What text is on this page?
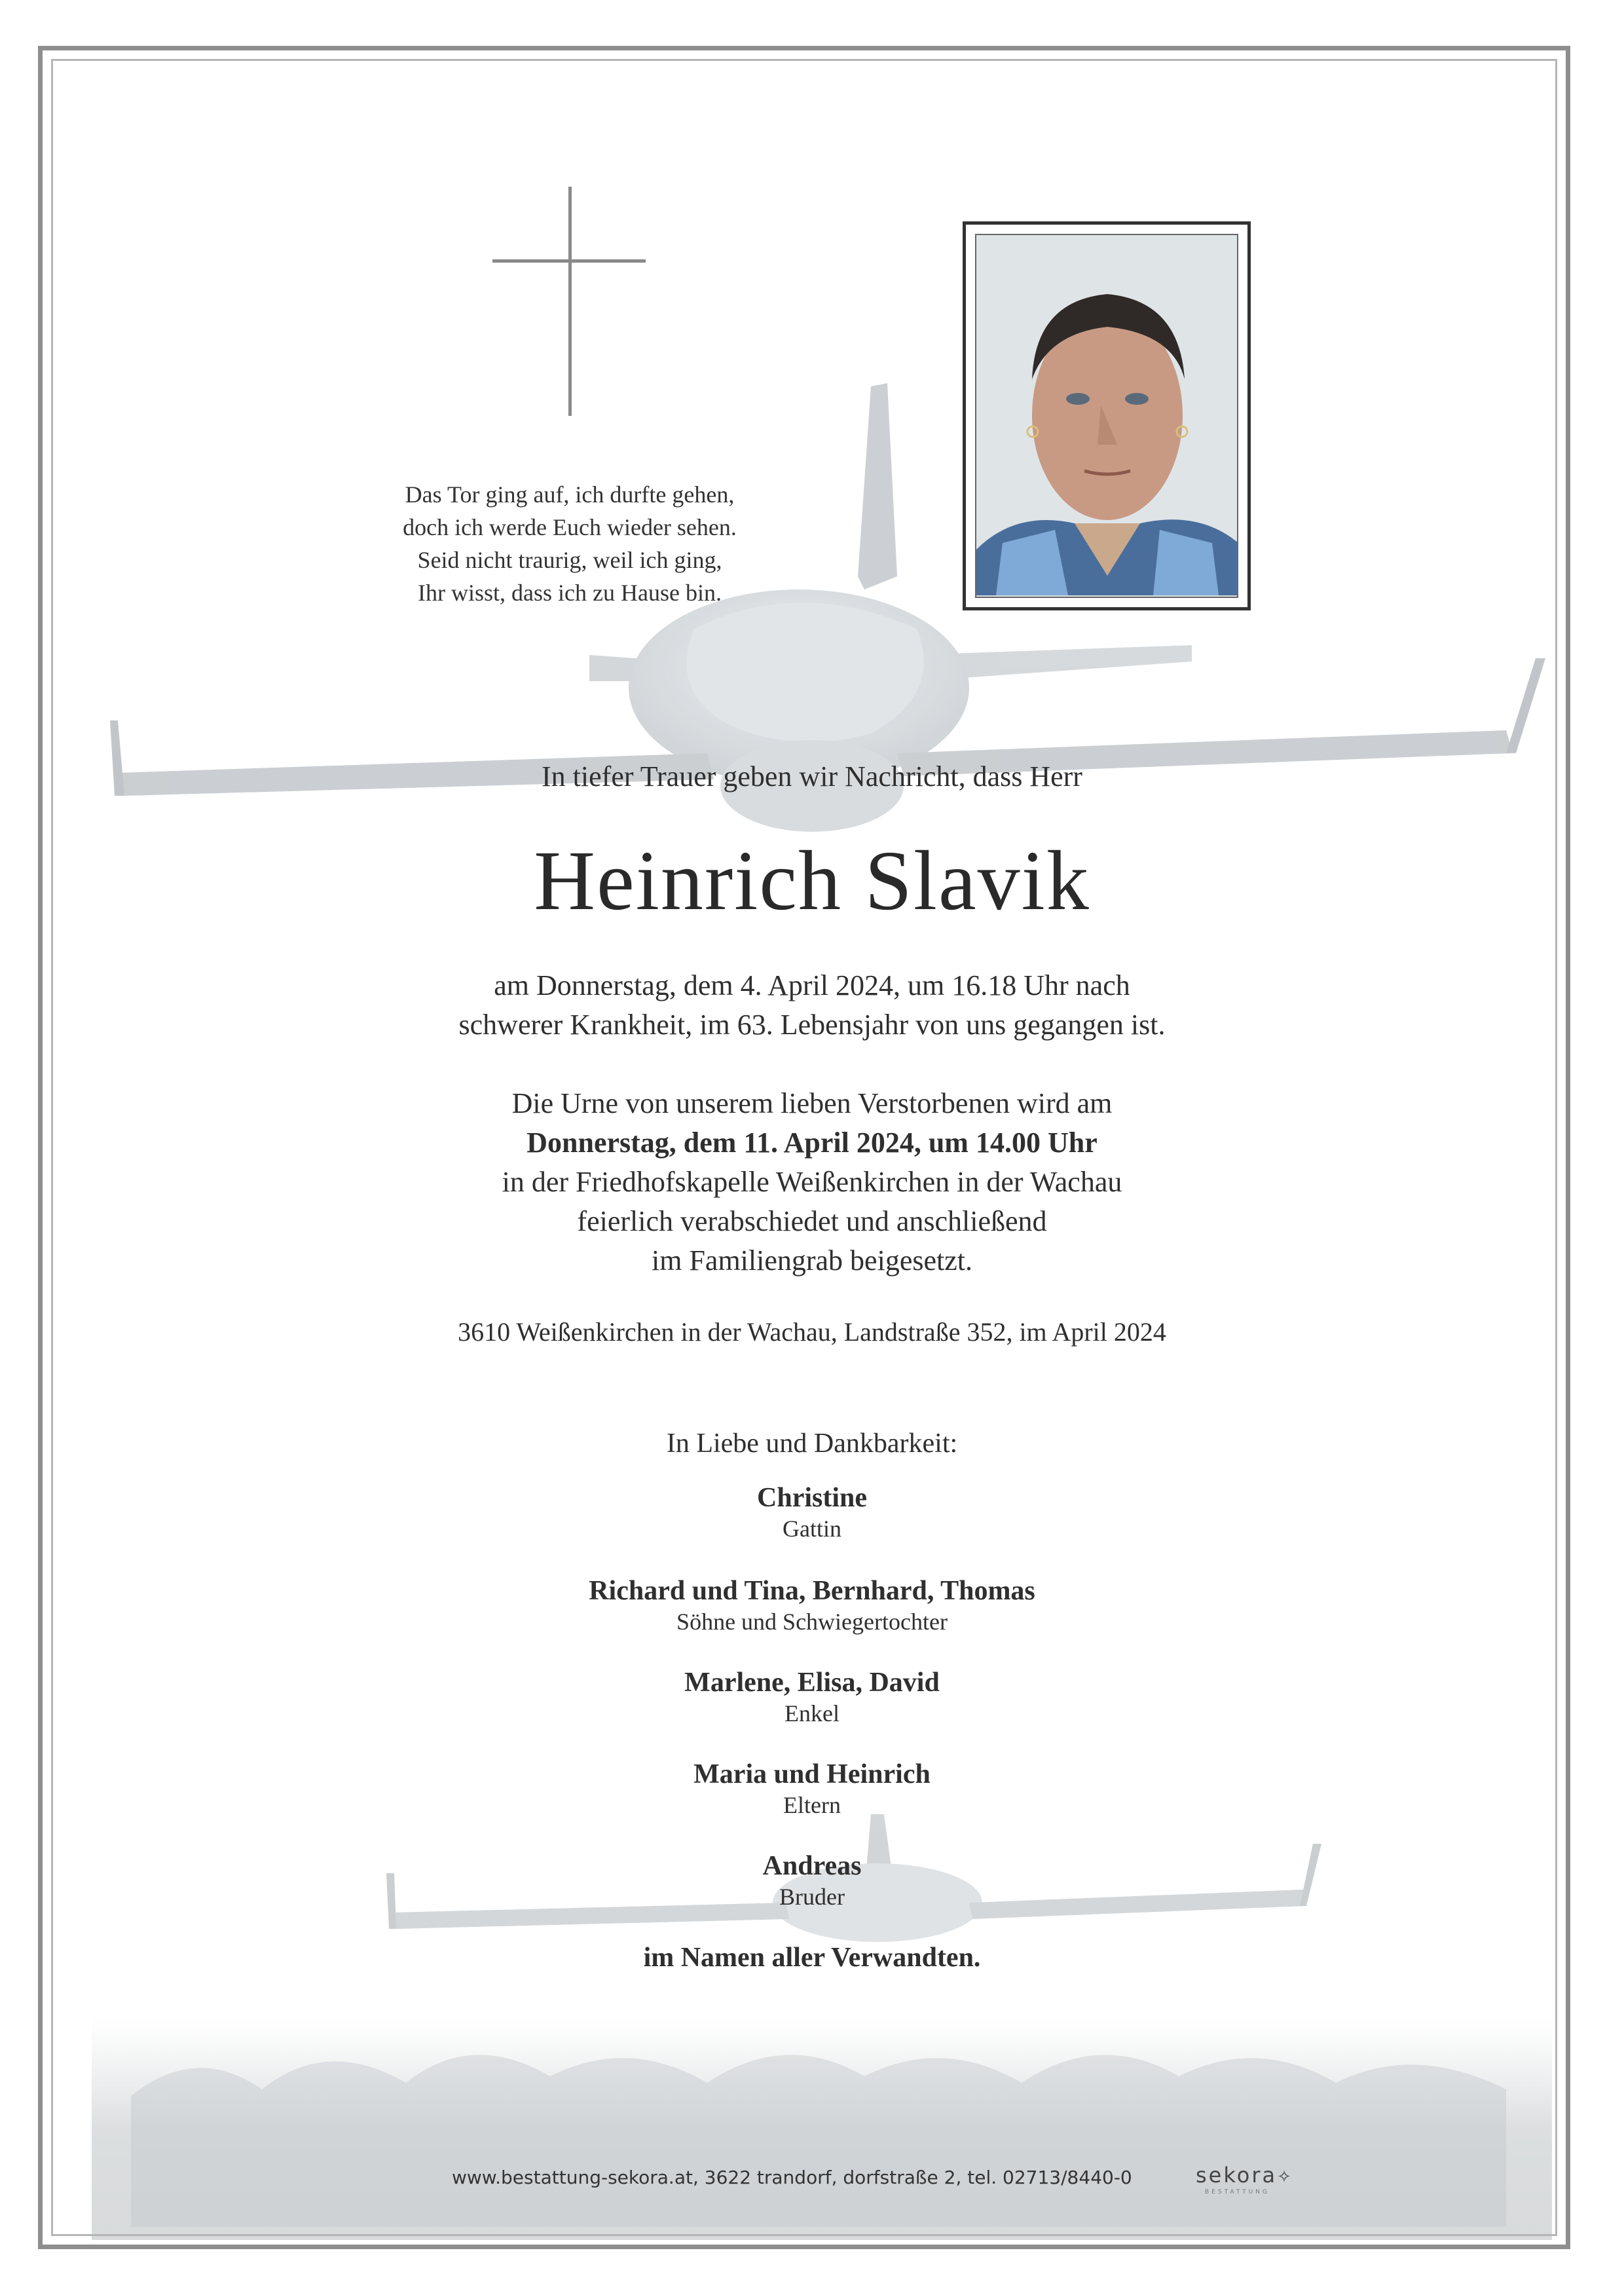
Das Tor ging auf, ich durfte gehen,
doch ich werde Euch wieder sehen.
Seid nicht traurig, weil ich ging,
Ihr wisst, dass ich zu Hause bin.
In tiefer Trauer geben wir Nachricht, dass Herr
Heinrich Slavik
am Donnerstag, dem 4. April 2024, um 16.18 Uhr nach
schwerer Krankheit, im 63. Lebensjahr von uns gegangen ist.
Die Urne von unserem lieben Verstorbenen wird am
Donnerstag, dem 11. April 2024, um 14.00 Uhr
in der Friedhofskapelle Weißenkirchen in der Wachau
feierlich verabschiedet und anschließend
im Familiengrab beigesetzt.
3610 Weißenkirchen in der Wachau, Landstraße 352, im April 2024
In Liebe und Dankbarkeit:
Christine
Gattin
Richard und Tina, Bernhard, Thomas
Söhne und Schwiegertochter
Marlene, Elisa, David
Enkel
Maria und Heinrich
Eltern
Andreas
Bruder
im Namen aller Verwandten.
www.bestattung-sekora.at, 3622 trandorf, dorfstraße 2, tel. 02713/8440-0	sekora✧
BESTATTUNG
